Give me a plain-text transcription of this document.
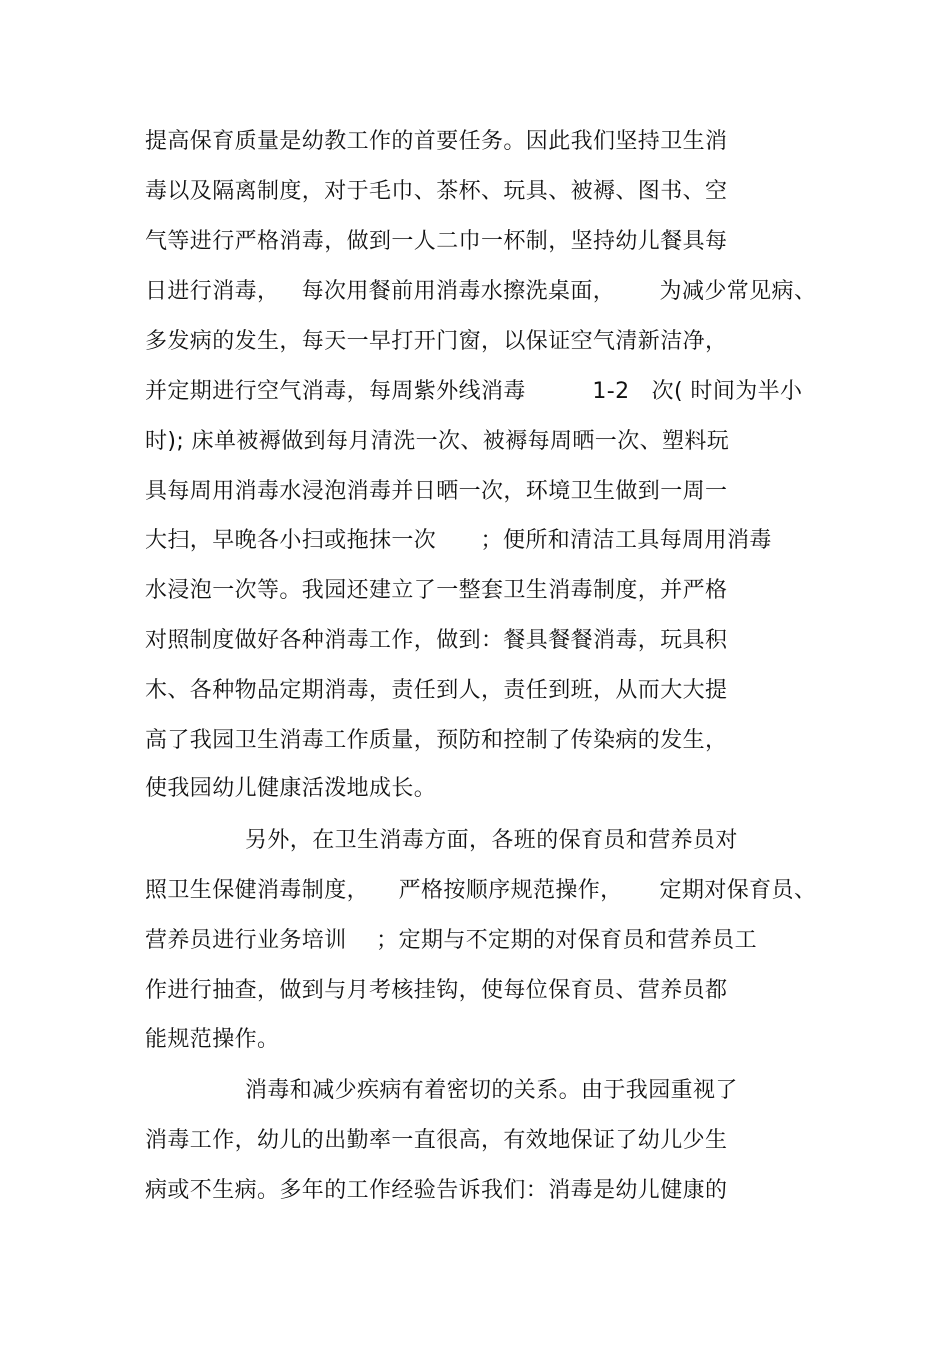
提高保育质量是幼教工作的首要任务。因此我们坚持卫生消
毒以及隔离制度，对于毛巾、茶杯、玩具、被褥、图书、空
气等进行严格消毒，做到一人二巾一杯制，坚持幼儿餐具每
日进行消毒，   每次用餐前用消毒水擦洗桌面，      为减少常见病、
多发病的发生，每天一早打开门窗，以保证空气清新洁净，
并定期进行空气消毒，每周紫外线消毒         1-2   次( 时间为半小
时); 床单被褥做到每月清洗一次、被褥每周晒一次、塑料玩
具每周用消毒水浸泡消毒并日晒一次，环境卫生做到一周一
大扫，早晚各小扫或拖抹一次      ；便所和清洁工具每周用消毒
水浸泡一次等。我园还建立了一整套卫生消毒制度，并严格
对照制度做好各种消毒工作，做到：餐具餐餐消毒，玩具积
木、各种物品定期消毒，责任到人，责任到班，从而大大提
高了我园卫生消毒工作质量，预防和控制了传染病的发生，
使我园幼儿健康活泼地成长。
另外，在卫生消毒方面，各班的保育员和营养员对
照卫生保健消毒制度，    严格按顺序规范操作，     定期对保育员、
营养员进行业务培训    ；定期与不定期的对保育员和营养员工
作进行抽查，做到与月考核挂钩，使每位保育员、营养员都
能规范操作。
消毒和减少疾病有着密切的关系。由于我园重视了
消毒工作，幼儿的出勤率一直很高，有效地保证了幼儿少生
病或不生病。多年的工作经验告诉我们：消毒是幼儿健康的
